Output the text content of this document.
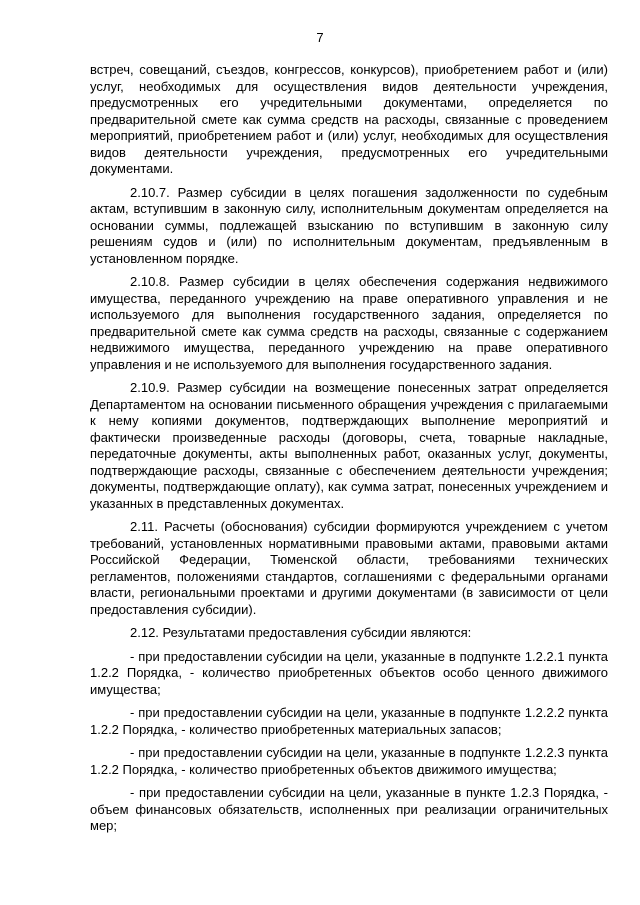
7

встреч, совещаний, съездов, конгрессов, конкурсов), приобретением работ и (или) услуг, необходимых для осуществления видов деятельности учреждения, предусмотренных его учредительными документами, определяется по предварительной смете как сумма средств на расходы, связанные с проведением мероприятий, приобретением работ и (или) услуг, необходимых для осуществления видов деятельности учреждения, предусмотренных его учредительными документами.

2.10.7. Размер субсидии в целях погашения задолженности по судебным актам, вступившим в законную силу, исполнительным документам определяется на основании суммы, подлежащей взысканию по вступившим в законную силу решениям судов и (или) по исполнительным документам, предъявленным в установленном порядке.

2.10.8. Размер субсидии в целях обеспечения содержания недвижимого имущества, переданного учреждению на праве оперативного управления и не используемого для выполнения государственного задания, определяется по предварительной смете как сумма средств на расходы, связанные с содержанием недвижимого имущества, переданного учреждению на праве оперативного управления и не используемого для выполнения государственного задания.

2.10.9. Размер субсидии на возмещение понесенных затрат определяется Департаментом на основании письменного обращения учреждения с прилагаемыми к нему копиями документов, подтверждающих выполнение мероприятий и фактически произведенные расходы (договоры, счета, товарные накладные, передаточные документы, акты выполненных работ, оказанных услуг, документы, подтверждающие расходы, связанные с обеспечением деятельности учреждения; документы, подтверждающие оплату), как сумма затрат, понесенных учреждением и указанных в представленных документах.

2.11. Расчеты (обоснования) субсидии формируются учреждением с учетом требований, установленных нормативными правовыми актами, правовыми актами Российской Федерации, Тюменской области, требованиями технических регламентов, положениями стандартов, соглашениями с федеральными органами власти, региональными проектами и другими документами (в зависимости от цели предоставления субсидии).

2.12. Результатами предоставления субсидии являются:

- при предоставлении субсидии на цели, указанные в подпункте 1.2.2.1 пункта 1.2.2 Порядка, - количество приобретенных объектов особо ценного движимого имущества;

- при предоставлении субсидии на цели, указанные в подпункте 1.2.2.2 пункта 1.2.2 Порядка, - количество приобретенных материальных запасов;

- при предоставлении субсидии на цели, указанные в подпункте 1.2.2.3 пункта 1.2.2 Порядка, - количество приобретенных объектов движимого имущества;

- при предоставлении субсидии на цели, указанные в пункте 1.2.3 Порядка, - объем финансовых обязательств, исполненных при реализации ограничительных мер;
